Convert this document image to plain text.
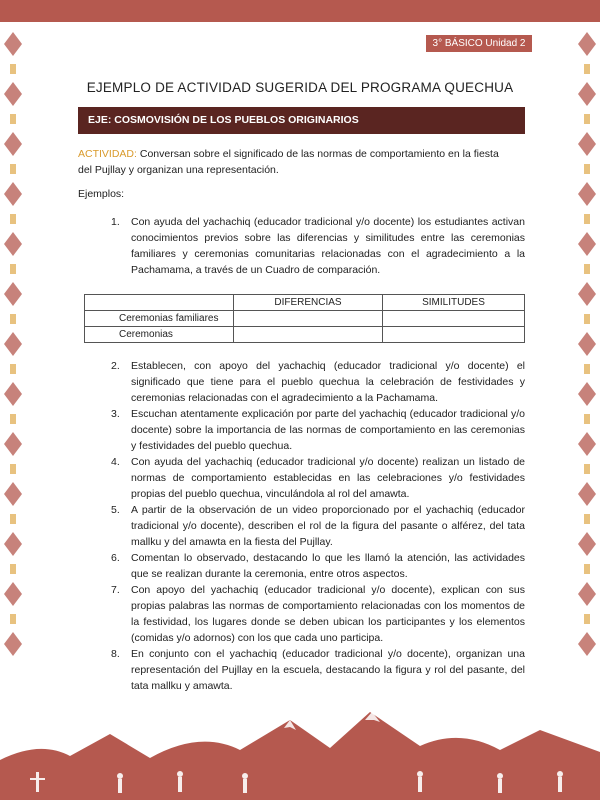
3° BÁSICO Unidad 2
EJEMPLO DE ACTIVIDAD SUGERIDA DEL PROGRAMA QUECHUA
EJE: COSMOVISIÓN DE LOS PUEBLOS ORIGINARIOS
ACTIVIDAD: Conversan sobre el significado de las normas de comportamiento en la fiesta del Pujllay y organizan una representación.
Ejemplos:
1. Con ayuda del yachachiq (educador tradicional y/o docente) los estudiantes activan conocimientos previos sobre las diferencias y similitudes entre las ceremonias familiares y ceremonias comunitarias relacionadas con el agradecimiento a la Pachamama, a través de un Cuadro de comparación.
	DIFERENCIAS	SIMILITUDES
Ceremonias familiares		
Ceremonias		
2. Establecen, con apoyo del yachachiq (educador tradicional y/o docente) el significado que tiene para el pueblo quechua la celebración de festividades y ceremonias relacionadas con el agradecimiento a la Pachamama.
3. Escuchan atentamente explicación por parte del yachachiq (educador tradicional y/o docente) sobre la importancia de las normas de comportamiento en las ceremonias y festividades del pueblo quechua.
4. Con ayuda del yachachiq (educador tradicional y/o docente) realizan un listado de normas de comportamiento establecidas en las celebraciones y/o festividades propias del pueblo quechua, vinculándola al rol del amawta.
5. A partir de la observación de un video proporcionado por el yachachiq (educador tradicional y/o docente), describen el rol de la figura del pasante o alférez, del tata mallku y del amawta en la fiesta del Pujllay.
6. Comentan lo observado, destacando lo que les llamó la atención, las actividades que se realizan durante la ceremonia, entre otros aspectos.
7. Con apoyo del yachachiq (educador tradicional y/o docente), explican con sus propias palabras las normas de comportamiento relacionadas con los momentos de la festividad, los lugares donde se deben ubican los participantes y los elementos (comidas y/o adornos) con los que cada uno participa.
8. En conjunto con el yachachiq (educador tradicional y/o docente), organizan una representación del Pujllay en la escuela, destacando la figura y rol del pasante, del tata mallku y amawta.
